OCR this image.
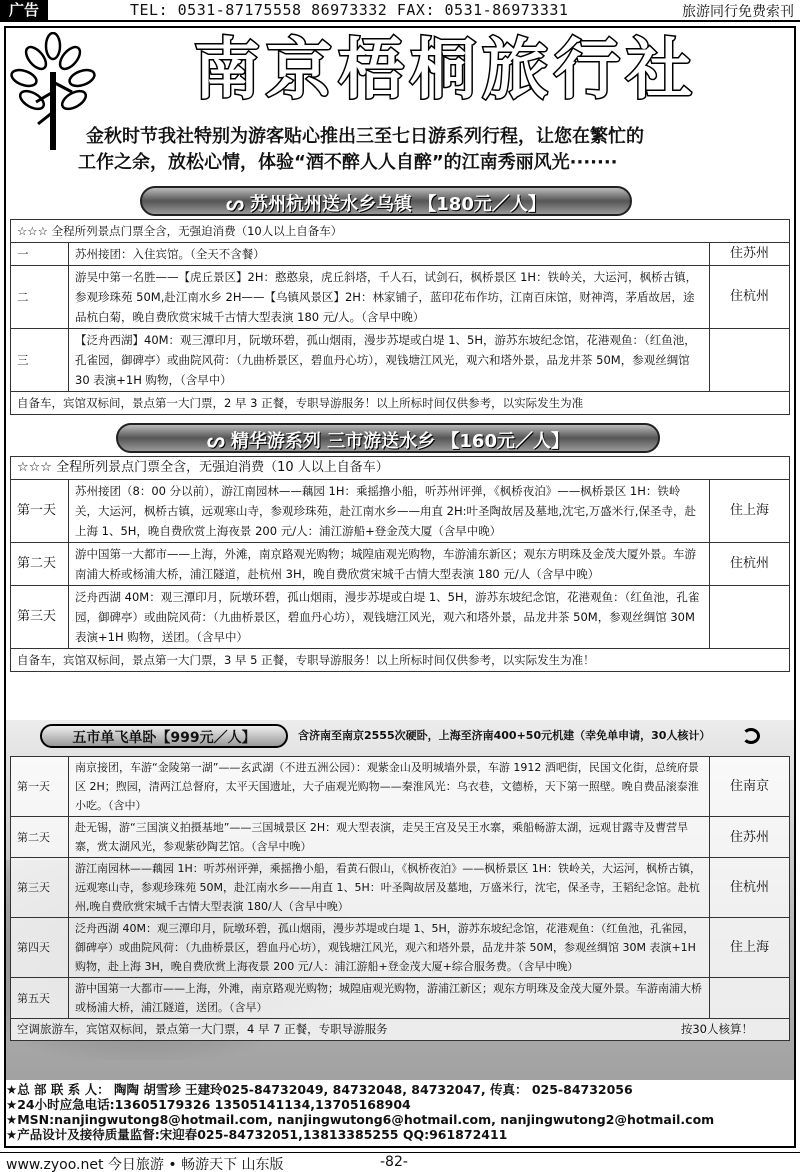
广告	TEL: 0531-87175558 86973332 FAX: 0531-86973331	旅游同行免费索刊
南京梧桐旅行社

金秋时节我社特别为游客贴心推出三至七日游系列行程，让您在繁忙的

工作之余，放松心情，体验“酒不醉人人自醉”的江南秀丽风光·······

ᔕ 苏州杭州送水乡乌镇 【180元／人】
☆☆☆ 全程所列景点门票全含，无强迫消费（10人以上自备车）		
一	苏州接团：入住宾馆。（全天不含餐）	住苏州
二	游吴中第一名胜——【虎丘景区】2H：憨憨泉，虎丘斜塔，千人石，试剑石，枫桥景区 1H：铁岭关，大运河，枫桥古镇，参观珍珠苑 50M,赴江南水乡 2H——【乌镇风景区】2H：林家铺子，蓝印花布作坊，江南百床馆，财神湾，茅盾故居，途品杭白菊，晚自费欣赏宋城千古情大型表演 180 元/人。（含早中晚）	住杭州
三	【泛舟西湖】40M：观三潭印月，阮墩环碧，孤山烟雨，漫步苏堤或白堤 1、5H，游苏东坡纪念馆，花港观鱼：（红鱼池，孔雀园，御碑亭）或曲院风荷：（九曲桥景区，碧血丹心坊），观钱塘江风光，观六和塔外景，品龙井茶 50M，参观丝绸馆 30 表演+1H 购物，（含早中）	
自备车，宾馆双标间，景点第一大门票，2 早 3 正餐，专职导游服务！以上所标时间仅供参考，以实际发生为准		
ᔕ 精华游系列 三市游送水乡 【160元／人】
☆☆☆ 全程所列景点门票全含，无强迫消费（10 人以上自备车）		
第一天	苏州接团（8：00 分以前），游江南园林——藕园 1H：乘摇撸小船，听苏州评弹，《枫桥夜泊》——枫桥景区 1H：铁岭关，大运河，枫桥古镇，远观寒山寺，参观珍珠苑，赴江南水乡——甪直 2H:叶圣陶故居及墓地,沈宅,万盛米行,保圣寺，赴上海 1、5H，晚自费欣赏上海夜景 200 元/人：浦江游船+登金茂大厦（含早中晚）	住上海
第二天	游中国第一大都市——上海，外滩，南京路观光购物；城隍庙观光购物，车游浦东新区；观东方明珠及金茂大厦外景。车游南浦大桥或杨浦大桥，浦江隧道，赴杭州 3H，晚自费欣赏宋城千古情大型表演 180 元/人（含早中晚）	住杭州
第三天	泛舟西湖 40M：观三潭印月，阮墩环碧，孤山烟雨，漫步苏堤或白堤 1、5H，游苏东坡纪念馆，花港观鱼：（红鱼池，孔雀园，御碑亭）或曲院风荷：（九曲桥景区，碧血丹心坊），观钱塘江风光，观六和塔外景，品龙井茶 50M，参观丝绸馆 30M 表演+1H 购物，送团。（含早中）	
自备车，宾馆双标间，景点第一大门票，3 早 5 正餐，专职导游服务！以上所标时间仅供参考，以实际发生为准！		
五市单飞单卧【999元／人】	含济南至南京2555次硬卧，上海至济南400+50元机建（幸免单申请，30人核计）
第一天	南京接团，车游“金陵第一湖”——玄武湖（不进五洲公园）：观紫金山及明城墙外景，车游 1912 酒吧街，民国文化街，总统府景区 2H；煦园，清两江总督府，太平天国遗址，大子庙观光购物——秦淮风光：乌衣巷，文德桥，天下第一照壁。晚自费品滚泰淮小吃。（含中）	住南京
第二天	赴无锡，游“三国演义拍摄基地”——三国城景区 2H：观大型表演，走吴王宫及吴王水寨，乘船畅游太湖，远观甘露寺及曹营旱寨，赏太湖风光，参观紫砂陶艺馆。（含早中晚）	住苏州
第三天	游江南园林——藕园 1H：听苏州评弹，乘摇撸小船，看黄石假山，《枫桥夜泊》——枫桥景区 1H：铁岭关，大运河，枫桥古镇，远观寒山寺，参观珍珠苑 50M，赴江南水乡——甪直 1、5H：叶圣陶故居及墓地，万盛米行，沈宅，保圣寺，王韬纪念馆。赴杭州,晚自费欣赏宋城千古情大型表演 180/人（含早中晚）	住杭州
第四天	泛舟西湖 40M：观三潭印月，阮墩环碧，孤山烟雨，漫步苏堤或白堤 1、5H，游苏东坡纪念馆，花港观鱼：（红鱼池，孔雀园，御碑亭）或曲院风荷：（九曲桥景区，碧血丹心坊），观钱塘江风光，观六和塔外景，品龙井茶 50M，参观丝绸馆 30M 表演+1H 购物，赴上海 3H，晚自费欣赏上海夜景 200 元/人：浦江游船+登金茂大厦+综合服务费。（含早中晚）	住上海
第五天	游中国第一大都市——上海，外滩，南京路观光购物；城隍庙观光购物，游浦江新区；观东方明珠及金茂大厦外景。车游南浦大桥或杨浦大桥，浦江隧道，送团。（含早）	
空调旅游车，宾馆双标间，景点第一大门票，4 早 7 正餐，专职导游服务 按30人核算！		
★总 部 联 系 人： 陶陶 胡雪珍 王建玲025-84732049, 84732048, 84732047, 传真： 025-84732056
★24小时应急电话:13605179326 13505141134,13705168904
★MSN:nanjingwutong8@hotmail.com, nanjingwutong6@hotmail.com, nanjingwutong2@hotmail.com
★产品设计及接待质量监督:宋迎春025-84732051,13813385255 QQ:961872411
www.zyoo.net 今日旅游 • 畅游天下 山东版	-82-
